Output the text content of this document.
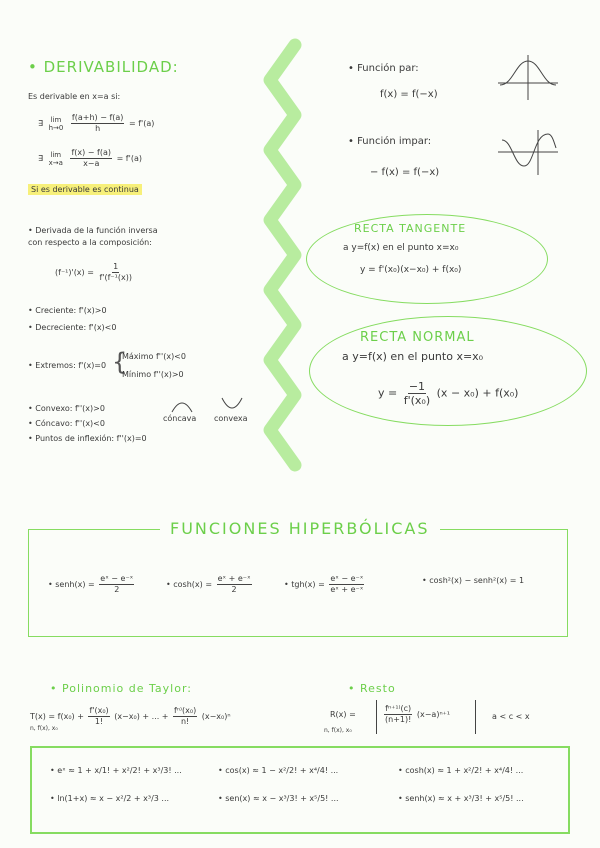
• DERIVABILIDAD:
Es derivable en x=a si:
∃ lim
h→0
$\frac{f(a+h) - f(a)}{h} = f'(a)$
∃ lim
x→a
$\frac{f(x) - f(a)}{x-a} = f'(a)$
Si es derivable es continua
• Derivada de la función inversa
con respecto a la composición:
$(f^{-1})'(x) = \frac{1}{\text{f'(f⁻¹(x))}}$
• Creciente: f'(x)>0
• Decreciente: f'(x)<0
• Extremos: f'(x)=0 {
Máximo f''(x)<0
Mínimo f''(x)>0
• Convexo: f''(x)>0
• Cóncavo: f''(x)<0
• Puntos de inflexión: f''(x)=0
cóncava convexa
• Función par:
f(x) = f(−x)
• Función impar:
− f(x) = f(−x)
RECTA TANGENTE
a y=f(x) en el punto x=x₀
y = f'(x₀)(x−x₀) + f(x₀)
RECTA NORMAL
a y=f(x) en el punto x=x₀
$y = \frac{-1}{\text{f'(x₀)}} (x - x_0) + f(x_0)$
FUNCIONES HIPERBÓLICAS
• senh(x) = $\frac{\text{eˣ − e⁻ˣ}}{2}$	• $\cosh(x) = \frac{\text{eˣ + e⁻ˣ}}{2}$	• $tgh(x) = \frac{\text{eˣ − e⁻ˣ}}{\text{eˣ + e⁻ˣ}}$	• cosh²(x) − senh²(x) = 1
• Polinomio de Taylor:	• Resto
$T(x) = f(x_0) + \frac{\text{f'(x₀)}}{1!} (x-x_0)$ + ... + $\frac{\text{fⁿ⁾(x₀)}}{n!} (x-x_0)^n$
n, f(x), x₀
R(x) =	$\frac{\text{fⁿ⁺¹⁾(c)}}{(n+1)!} (x-a)^{n+1}$
n, f(x), x₀
a < c < x
• eˣ ≈ 1 + x/1! + x²/2! + x³/3! ...	• cos(x) ≈ 1 − x²/2! + x⁴/4! ...	• cosh(x) ≈ 1 + x²/2! + x⁴/4! ...
• ln(1+x) ≈ x − x²/2 + x³/3 ...	• sen(x) ≈ x − x³/3! + x⁵/5! ...	• senh(x) ≈ x + x³/3! + x⁵/5! ...
